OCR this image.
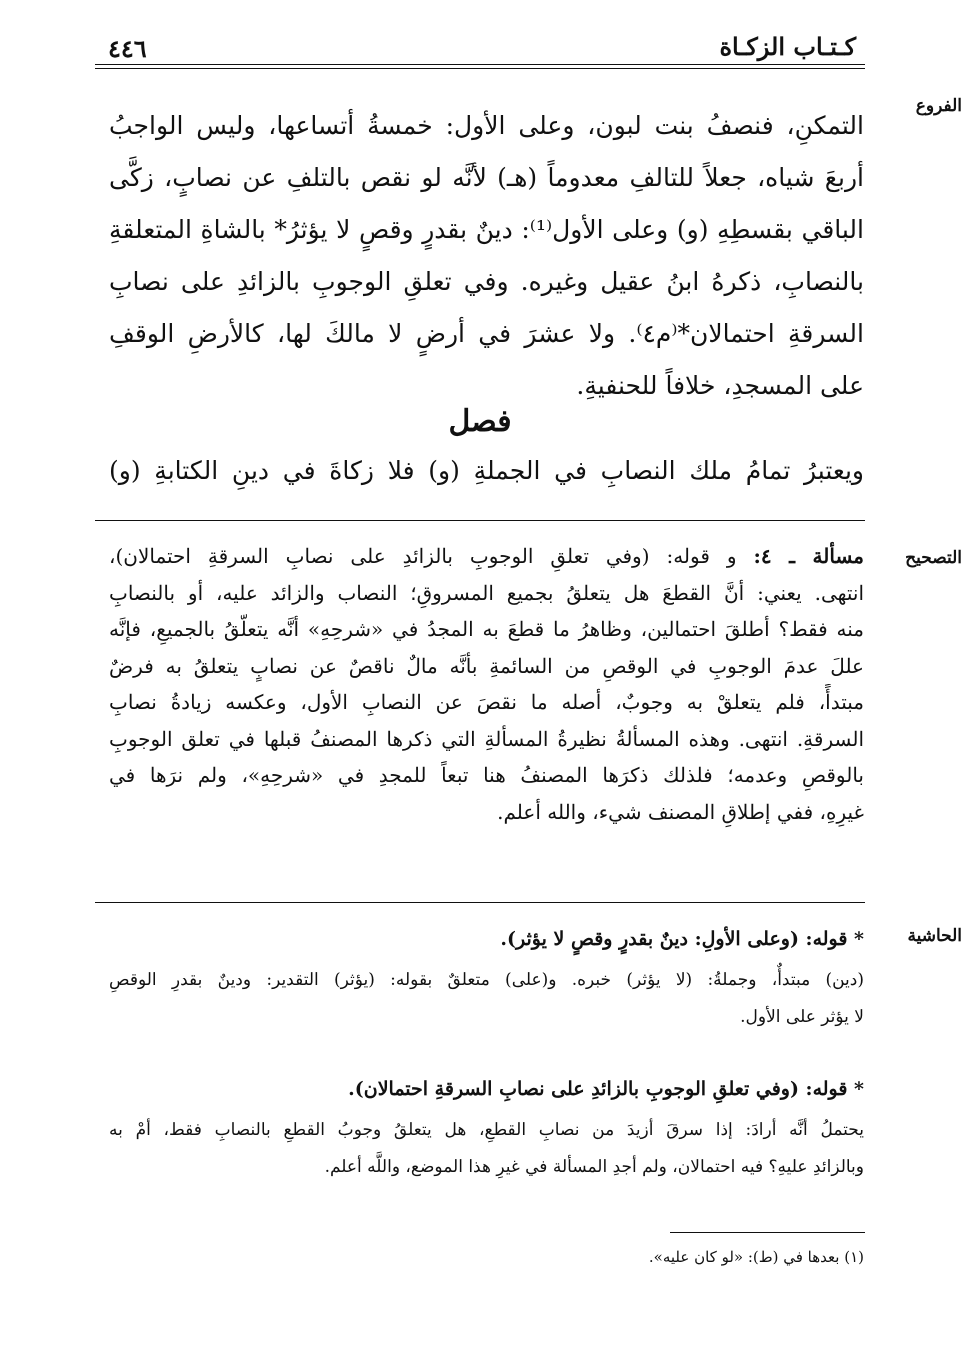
٤٤٦	كـتـاب الزكـاة
الفروع
التصحيح
الحاشية
التمكنِ، فنصفُ بنت لبون، وعلى الأول: خمسةُ أتساعها، وليس الواجبُ
أربعَ شياه، جعلاً للتالفِ معدوماً (هـ) لأنَّه لو نقص بالتلفِ عن نصابٍ، زكَّى
الباقي بقسطِهِ (و) وعلى الأول⁽¹⁾: دينٌ بقدرٍ وقصٍ لا يؤثرُ* بالشاةِ المتعلقةِ
بالنصابِ، ذكرهُ ابنُ عقيل وغيره. وفي تعلقِ الوجوبِ بالزائدِ على نصابِ
السرقةِ احتمالان*⁽م٤⁾. ولا عشرَ في أرضٍ لا مالكَ لها، كالأرضِ الوقفِ
على المسجدِ، خلافاً للحنفيةِ.
فصل
ويعتبرُ تمامُ ملك النصابِ في الجملةِ (و) فلا زكاةَ في دينِ الكتابةِ (و)
مسألة ـ ٤: و قوله: (وفي تعلقِ الوجوبِ بالزائدِ على نصابِ السرقةِ احتمالان)،
انتهى. يعني: أنَّ القطعَ هل يتعلقُ بجميع المسروقِ؛ النصاب والزائد عليه، أو بالنصابِ
منه فقط؟ أطلقَ احتمالين، وظاهرُ ما قطعَ به المجدُ في «شرحِهِ» أنَّه يتعلّقُ بالجميعِ، فإنَّه
عللَ عدمَ الوجوبِ في الوقصِ من السائمةِ بأنَّه مالٌ ناقصٌ عن نصابٍ يتعلقُ به فرضٌ
مبتدأً، فلم يتعلقْ به وجوبٌ، أصله ما نقصَ عن النصابِ الأول، وعكسه زيادةُ نصابِ
السرقةِ. انتهى. وهذه المسألةُ نظيرةُ المسألةِ التي ذكرها المصنفُ قبلها في تعلق الوجوبِ
بالوقصِ وعدمه؛ فلذلك ذكرَها المصنفُ هنا تبعاً للمجدِ في «شرحِهِ»، ولم نرَها في
غيرِهِ، ففي إطلاقِ المصنف شيء، والله أعلم.
* قوله: (وعلى الأولِ: دينٌ بقدرٍ وقصٍ لا يؤثر).
(دين) مبتدأٌ، وجملةُ: (لا يؤثر) خبره. و(على) متعلقٌ بقوله: (يؤثر) التقدير: ودينٌ بقدرِ الوقصِ
لا يؤثر على الأول.
* قوله: (وفي تعلقِ الوجوبِ بالزائدِ على نصابِ السرقةِ احتمالان).
يحتملُ أنَّه أرادَ: إذا سرقَ أزيدَ من نصابِ القطعِ، هل يتعلقُ وجوبُ القطعِ بالنصابِ فقط، أمْ به
وبالزائدِ عليهِ؟ فيه احتمالان، ولم أجدِ المسألة في غيرِ هذا الموضع، واللَّه أعلم.
(١) بعدها في (ط): «لو كان عليه».
